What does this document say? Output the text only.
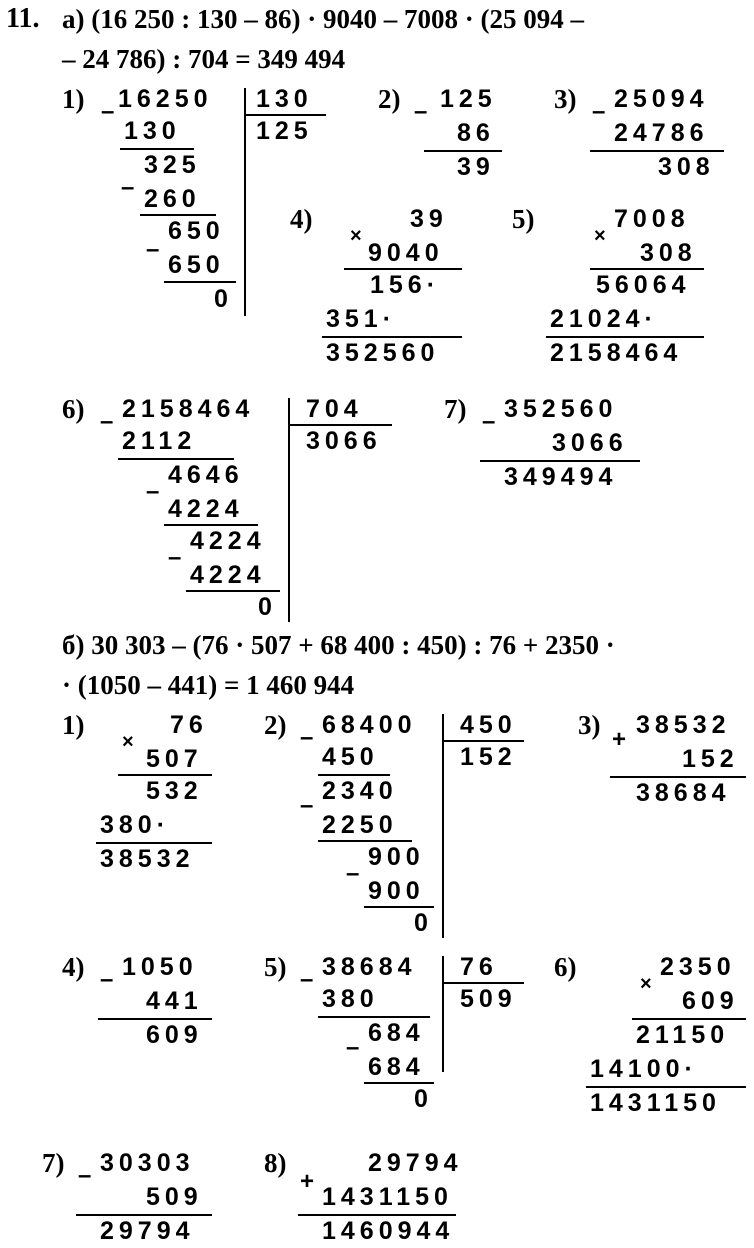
11. а) (16 250 : 130 – 86) · 9040 – 7008 · (25 094 –
– 24 786) : 704 = 349 494
1) – 16250 130
125
130
–
325
260
–
650
650
0
2) – 125
86
39
3) – 25094
24786
308
4)	39
×
9040
156·
351·
352560
5)
×
7008
308
56064
21024·
2158464
6) – 2158464 704
3066
2112
–
4646
4224
–
4224
4224
0
7) – 352560
3066
349494
б) 30 303 – (76 · 507 + 68 400 : 450) : 76 + 2350 ·
· (1050 – 441) = 1 460 944
1)	76
×
507
532
380·
38532
2) – 68400 450
152
450
–
2340
2250
–
900
900
0
3) +
38532
152
38684
4) – 1050
441
609
5) – 38684 76
509
380
–
684
684
0
6)
×
2350
609
21150
14100·
1431150
7) – 30303
509
29794
8)
+
29794
1431150
1460944
